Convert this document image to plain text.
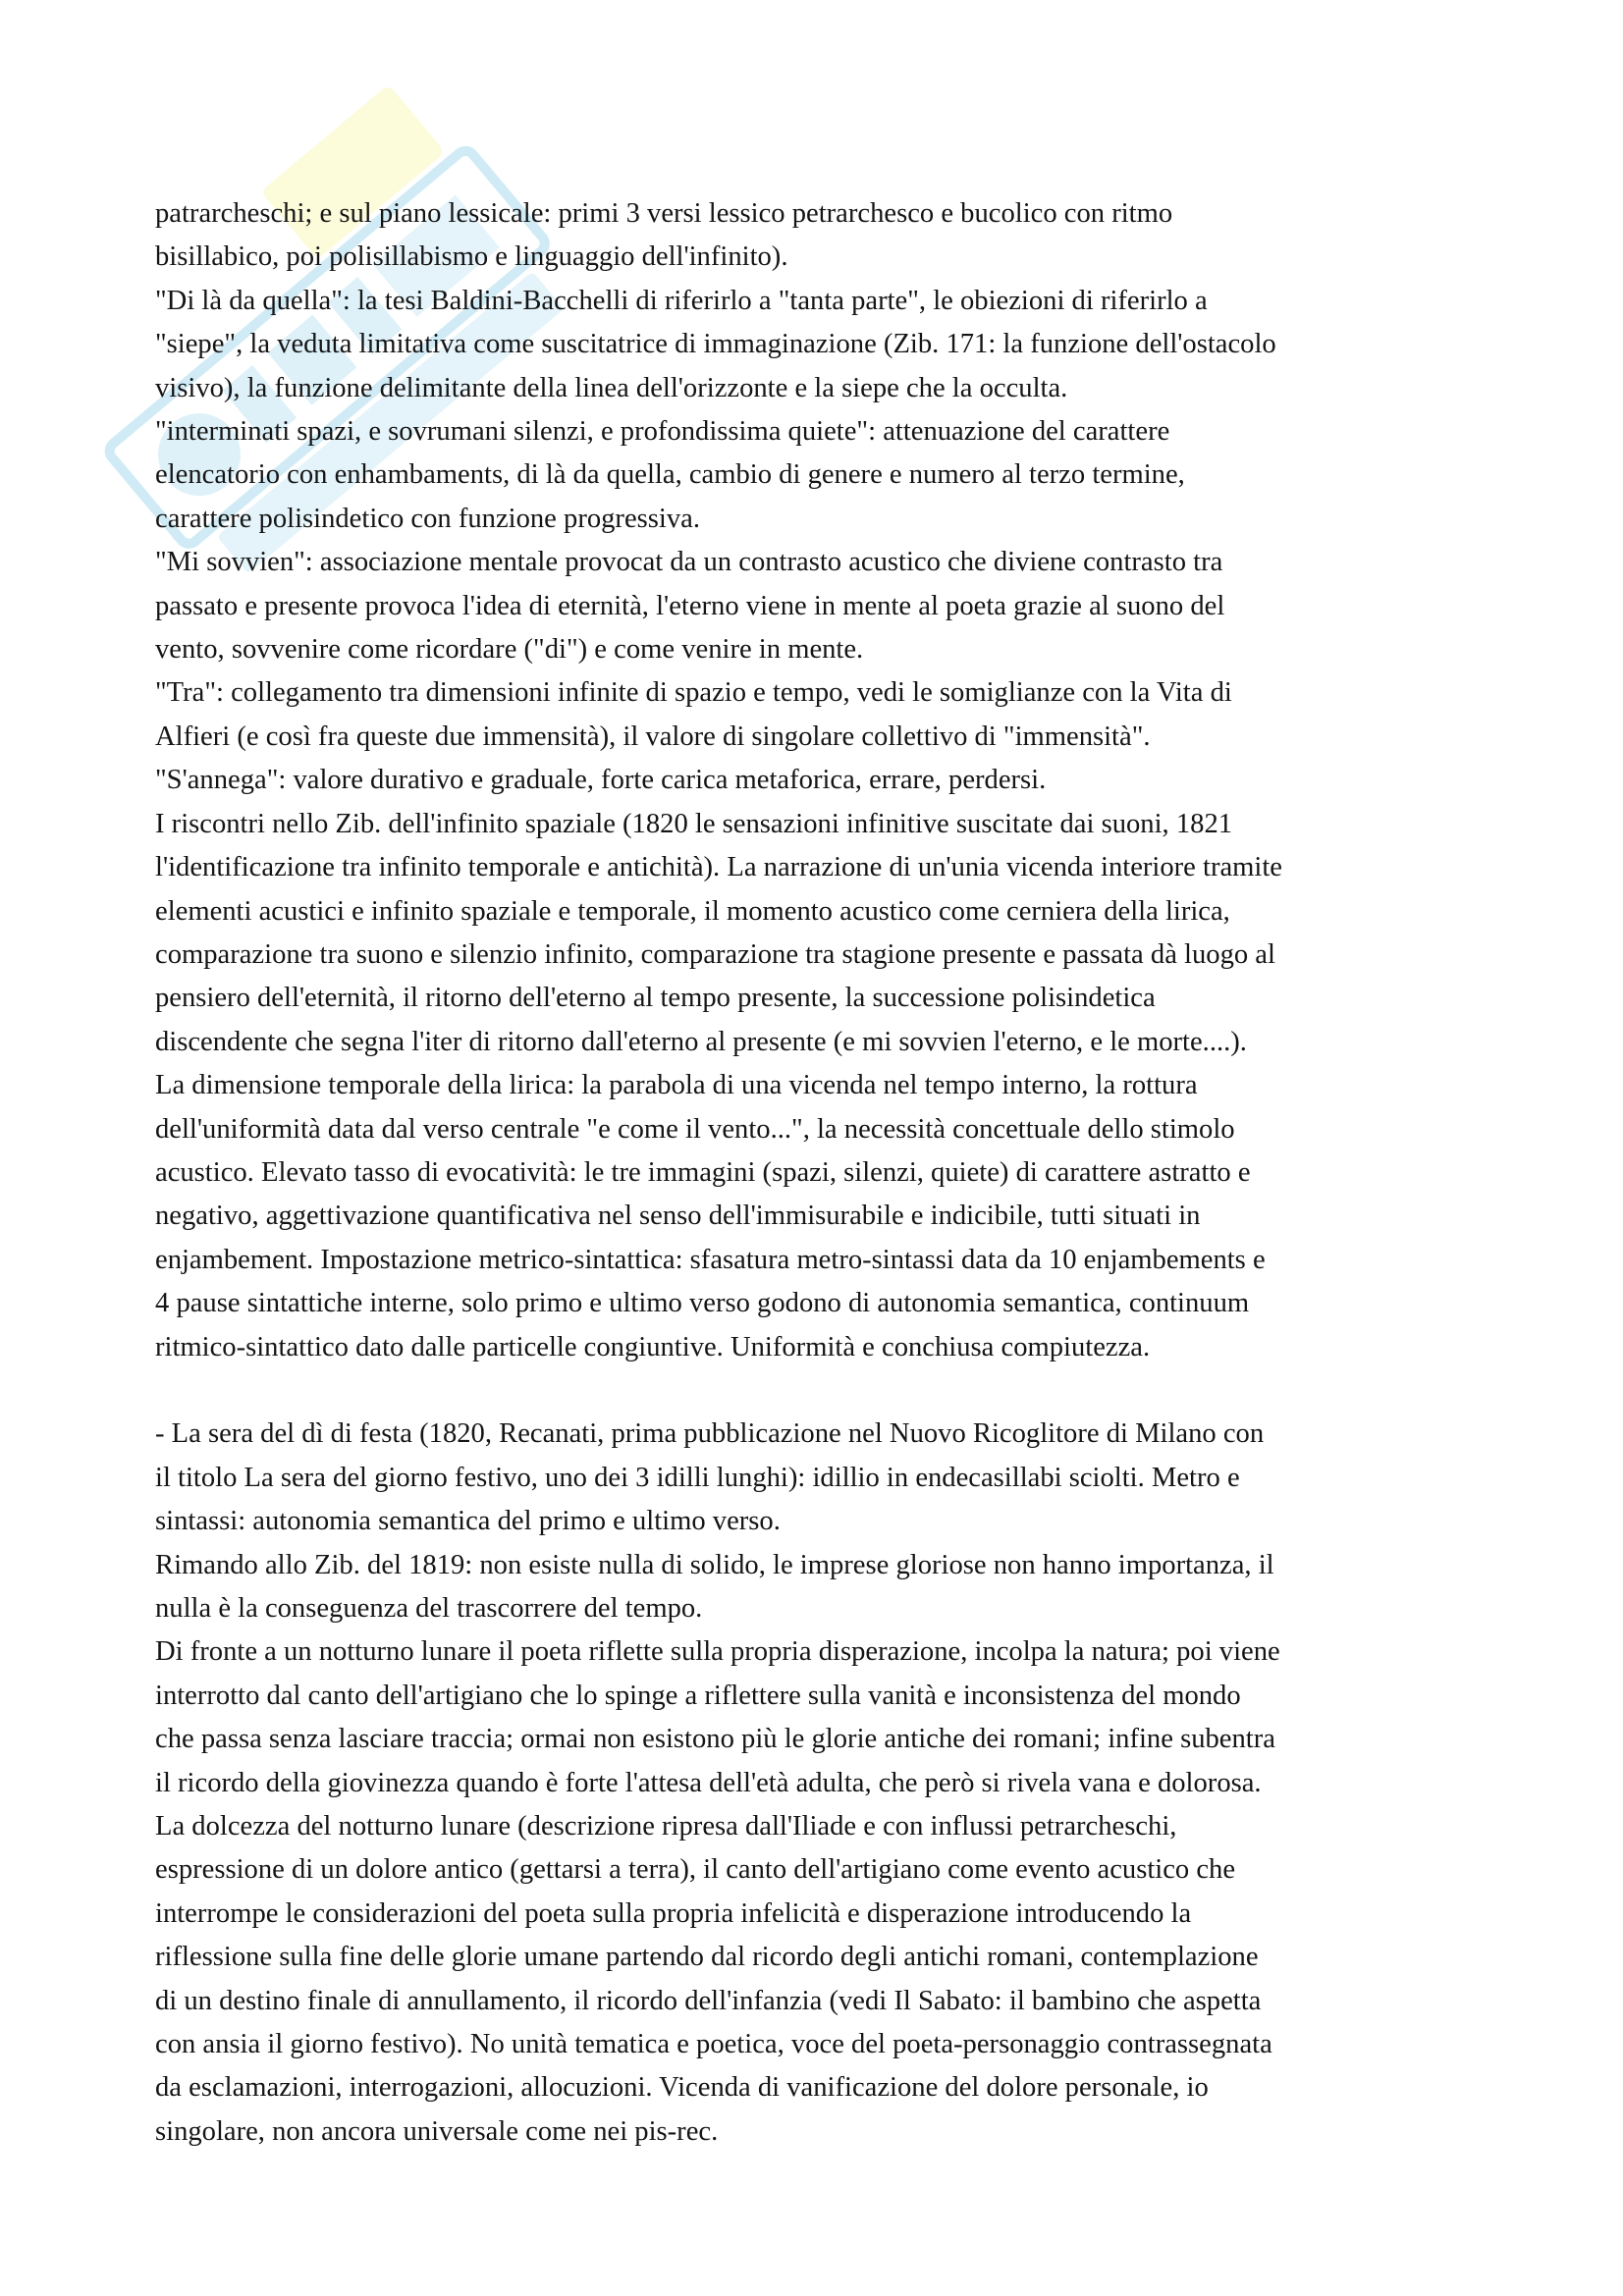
patrarcheschi; e sul piano lessicale: primi 3 versi lessico petrarchesco e bucolico con ritmo
bisillabico, poi polisillabismo e linguaggio dell'infinito).
"Di là da quella": la tesi Baldini-Bacchelli di riferirlo a "tanta parte", le obiezioni di riferirlo a
"siepe", la veduta limitativa come suscitatrice di immaginazione (Zib. 171: la funzione dell'ostacolo
visivo), la funzione delimitante della linea dell'orizzonte e la siepe che la occulta.
"interminati spazi, e sovrumani silenzi, e profondissima quiete": attenuazione del carattere
elencatorio con enhambaments, di là da quella, cambio di genere e numero al terzo termine,
carattere polisindetico con funzione progressiva.
"Mi sovvien": associazione mentale provocat da un contrasto acustico che diviene contrasto tra
passato e presente provoca l'idea di eternità, l'eterno viene in mente al poeta grazie al suono del
vento, sovvenire come ricordare ("di") e come venire in mente.
"Tra": collegamento tra dimensioni infinite di spazio e tempo, vedi le somiglianze con la Vita di
Alfieri (e così fra queste due immensità), il valore di singolare collettivo di "immensità".
"S'annega": valore durativo e graduale, forte carica metaforica, errare, perdersi.
I riscontri nello Zib. dell'infinito spaziale (1820 le sensazioni infinitive suscitate dai suoni, 1821
l'identificazione tra infinito temporale e antichità). La narrazione di un'unia vicenda interiore tramite
elementi acustici e infinito spaziale e temporale, il momento acustico come cerniera della lirica,
comparazione tra suono e silenzio infinito, comparazione tra stagione presente e passata dà luogo al
pensiero dell'eternità, il ritorno dell'eterno al tempo presente, la successione polisindetica
discendente che segna l'iter di ritorno dall'eterno al presente (e mi sovvien l'eterno, e le morte....).
La dimensione temporale della lirica: la parabola di una vicenda nel tempo interno, la rottura
dell'uniformità data dal verso centrale "e come il vento...", la necessità concettuale dello stimolo
acustico. Elevato tasso di evocatività: le tre immagini (spazi, silenzi, quiete) di carattere astratto e
negativo, aggettivazione quantificativa nel senso dell'immisurabile e indicibile, tutti situati in
enjambement. Impostazione metrico-sintattica: sfasatura metro-sintassi data da 10 enjambements e
4 pause sintattiche interne, solo primo e ultimo verso godono di autonomia semantica, continuum
ritmico-sintattico dato dalle particelle congiuntive. Uniformità e conchiusa compiutezza.
- La sera del dì di festa (1820, Recanati, prima pubblicazione nel Nuovo Ricoglitore di Milano con
il titolo La sera del giorno festivo, uno dei 3 idilli lunghi): idillio in endecasillabi sciolti. Metro e
sintassi: autonomia semantica del primo e ultimo verso.
Rimando allo Zib. del 1819: non esiste nulla di solido, le imprese gloriose non hanno importanza, il
nulla è la conseguenza del trascorrere del tempo.
Di fronte a un notturno lunare il poeta riflette sulla propria disperazione, incolpa la natura; poi viene
interrotto dal canto dell'artigiano che lo spinge a riflettere sulla vanità e inconsistenza del mondo
che passa senza lasciare traccia; ormai non esistono più le glorie antiche dei romani; infine subentra
il ricordo della giovinezza quando è forte l'attesa dell'età adulta, che però si rivela vana e dolorosa.
La dolcezza del notturno lunare (descrizione ripresa dall'Iliade e con influssi petrarcheschi,
espressione di un dolore antico (gettarsi a terra), il canto dell'artigiano come evento acustico che
interrompe le considerazioni del poeta sulla propria infelicità e disperazione introducendo la
riflessione sulla fine delle glorie umane partendo dal ricordo degli antichi romani, contemplazione
di un destino finale di annullamento, il ricordo dell'infanzia (vedi Il Sabato: il bambino che aspetta
con ansia il giorno festivo). No unità tematica e poetica, voce del poeta-personaggio contrassegnata
da esclamazioni, interrogazioni, allocuzioni. Vicenda di vanificazione del dolore personale, io
singolare, non ancora universale come nei pis-rec.
